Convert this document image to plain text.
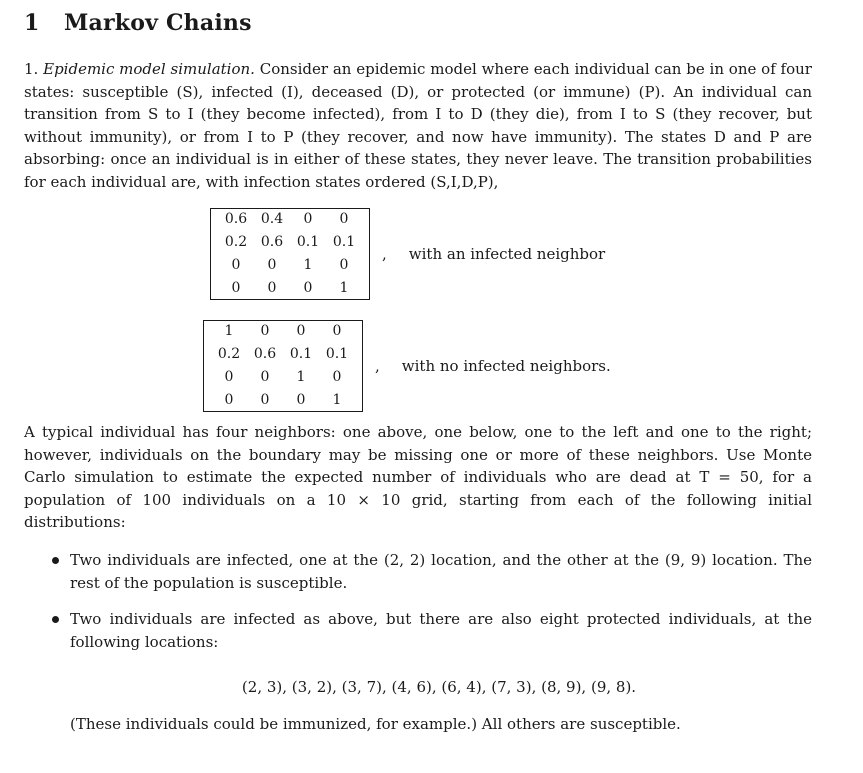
1 Markov Chains

1. Epidemic model simulation. Consider an epidemic model where each individual can be in one of four states: susceptible (S), infected (I), deceased (D), or protected (or immune) (P). An individual can transition from S to I (they become infected), from I to D (they die), from I to S (they recover, but without immunity), or from I to P (they recover, and now have immunity). The states D and P are absorbing: once an individual is in either of these states, they never leave. The transition probabilities for each individual are, with infection states ordered (S,I,D,P),

0.6	0.4	0	0
0.2	0.6	0.1	0.1
0	0	1	0
0	0	0	1
, with an infected neighbor
1	0	0	0
0.2	0.6	0.1	0.1
0	0	1	0
0	0	0	1
, with no infected neighbors.

A typical individual has four neighbors: one above, one below, one to the left and one to the right; however, individuals on the boundary may be missing one or more of these neighbors. Use Monte Carlo simulation to estimate the expected number of individuals who are dead at T = 50, for a population of 100 individuals on a 10 × 10 grid, starting from each of the following initial distributions:

Two individuals are infected, one at the (2, 2) location, and the other at the (9, 9) location. The rest of the population is susceptible.
Two individuals are infected as above, but there are also eight protected individuals, at the following locations:
(2, 3), (3, 2), (3, 7), (4, 6), (6, 4), (7, 3), (8, 9), (9, 8).
(These individuals could be immunized, for example.) All others are susceptible.
